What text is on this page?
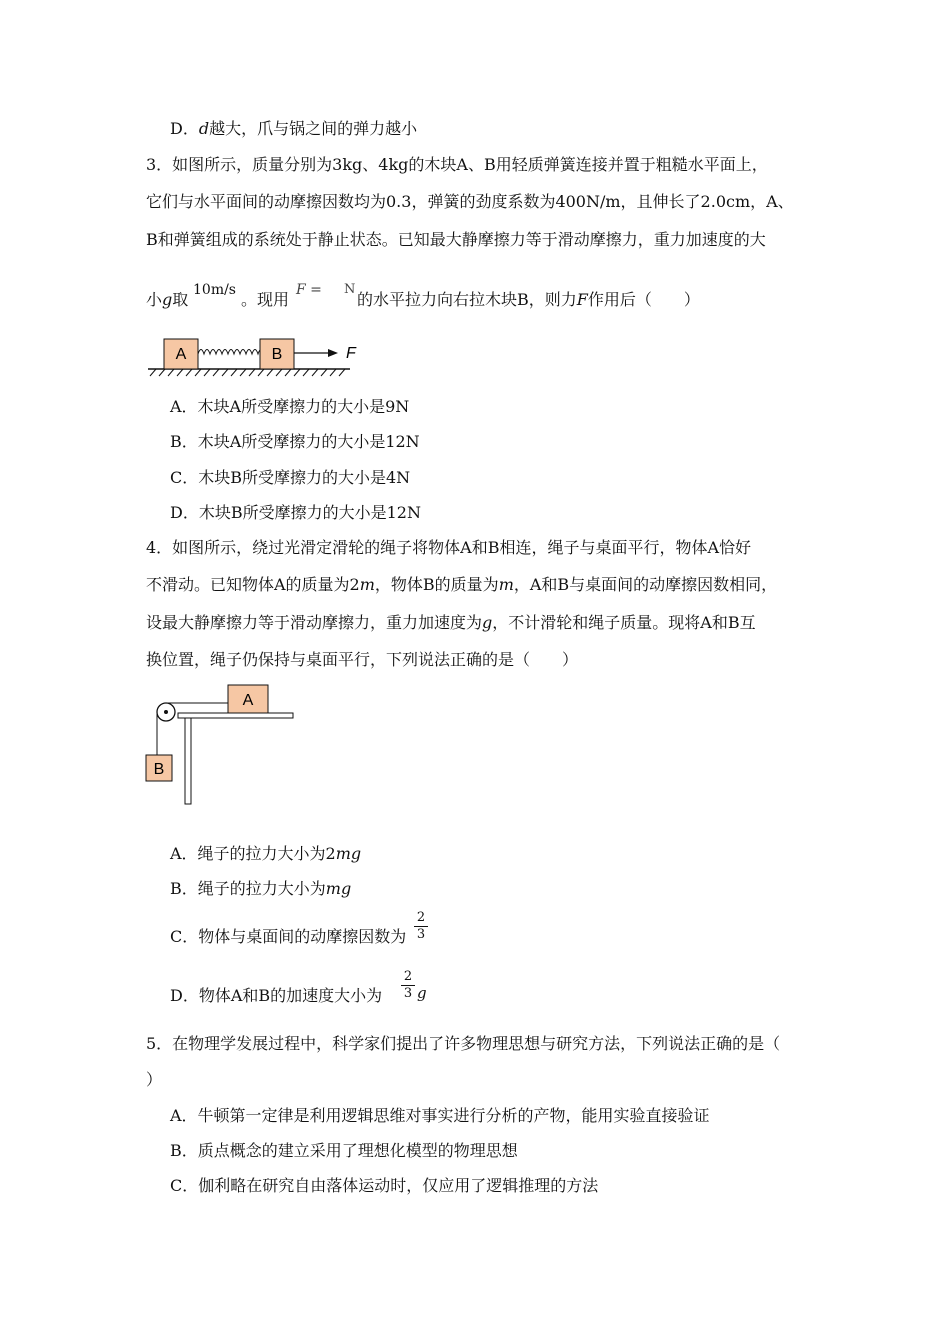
D．d越大，爪与锅之间的弹力越小
3．如图所示，质量分别为3kg、4kg的木块A、B用轻质弹簧连接并置于粗糙水平面上，
它们与水平面间的动摩擦因数均为0.3，弹簧的劲度系数为400N/m，且伸长了2.0cm，A、
B和弹簧组成的系统处于静止状态。已知最大静摩擦力等于滑动摩擦力，重力加速度的大
小g取 10m/s 。现用 F = N
的水平拉力向右拉木块B，则力F作用后（　　）
A	B	F
A．木块A所受摩擦力的大小是9N
B．木块A所受摩擦力的大小是12N
C．木块B所受摩擦力的大小是4N
D．木块B所受摩擦力的大小是12N
4．如图所示，绕过光滑定滑轮的绳子将物体A和B相连，绳子与桌面平行，物体A恰好
不滑动。已知物体A的质量为2m，物体B的质量为m，A和B与桌面间的动摩擦因数相同，
设最大静摩擦力等于滑动摩擦力，重力加速度为g，不计滑轮和绳子质量。现将A和B互
换位置，绳子仍保持与桌面平行，下列说法正确的是（　　）
A
B
A．绳子的拉力大小为2mg
B．绳子的拉力大小为mg
C．物体与桌面间的动摩擦因数为
2
3
D．物体A和B的加速度大小为
2
3 g
5．在物理学发展过程中，科学家们提出了许多物理思想与研究方法，下列说法正确的是（
）
A．牛顿第一定律是利用逻辑思维对事实进行分析的产物，能用实验直接验证
B．质点概念的建立采用了理想化模型的物理思想
C．伽利略在研究自由落体运动时，仅应用了逻辑推理的方法
